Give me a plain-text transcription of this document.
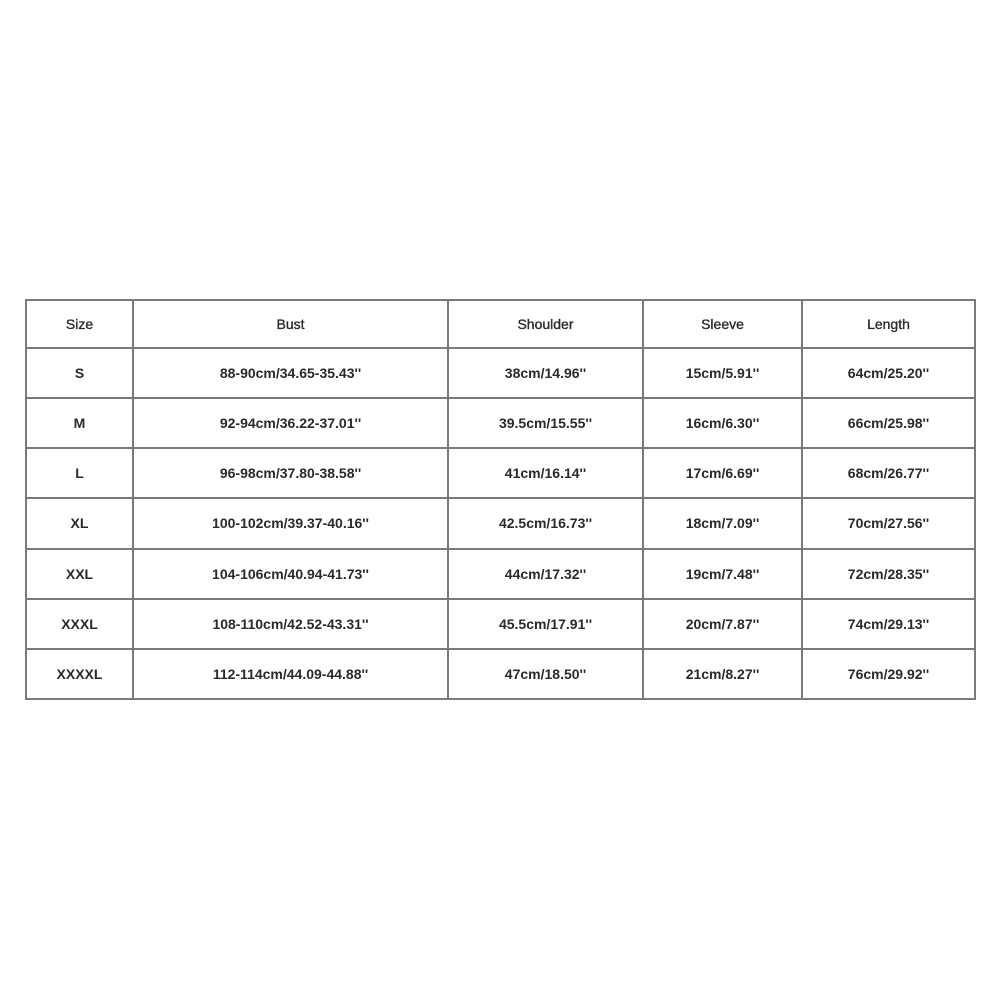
Size	Bust	Shoulder	Sleeve	Length
S	88-90cm/34.65-35.43''	38cm/14.96''	15cm/5.91''	64cm/25.20''
M	92-94cm/36.22-37.01''	39.5cm/15.55''	16cm/6.30''	66cm/25.98''
L	96-98cm/37.80-38.58''	41cm/16.14''	17cm/6.69''	68cm/26.77''
XL	100-102cm/39.37-40.16''	42.5cm/16.73''	18cm/7.09''	70cm/27.56''
XXL	104-106cm/40.94-41.73''	44cm/17.32''	19cm/7.48''	72cm/28.35''
XXXL	108-110cm/42.52-43.31''	45.5cm/17.91''	20cm/7.87''	74cm/29.13''
XXXXL	112-114cm/44.09-44.88''	47cm/18.50''	21cm/8.27''	76cm/29.92''
